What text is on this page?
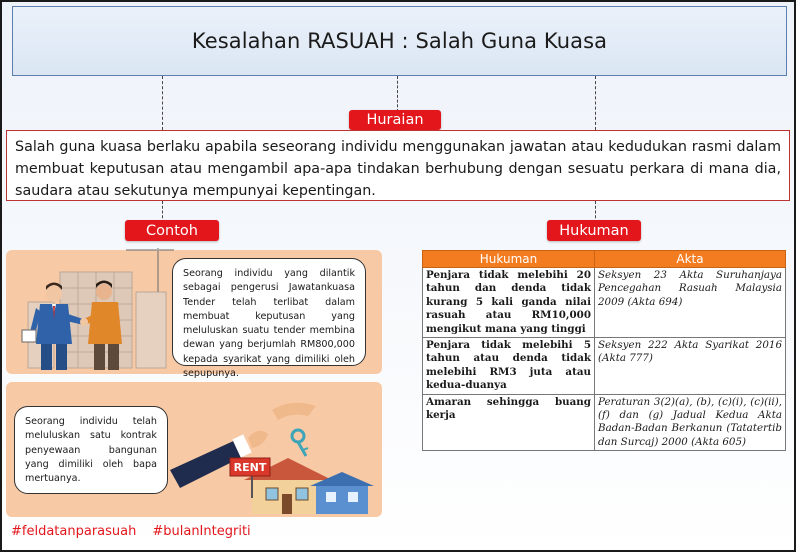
Kesalahan RASUAH : Salah Guna Kuasa
Huraian
Salah guna kuasa berlaku apabila seseorang individu menggunakan jawatan atau kedudukan rasmi dalam membuat keputusan atau mengambil apa-apa tindakan berhubung dengan sesuatu perkara di mana dia, saudara atau sekutunya mempunyai kepentingan.
Contoh	Hukuman
Seorang individu yang dilantik sebagai pengerusi Jawatankuasa Tender telah terlibat dalam membuat keputusan yang meluluskan suatu tender membina dewan yang berjumlah RM800,000 kepada syarikat yang dimiliki oleh sepupunya.
Seorang individu telah meluluskan satu kontrak penyewaan bangunan yang dimiliki oleh bapa mertuanya.
RENT
Hukuman	Akta
Penjara tidak melebihi 20 tahun dan denda tidak kurang 5 kali ganda nilai rasuah atau RM10,000 mengikut mana yang tinggi	Seksyen 23 Akta Suruhanjaya Pencegahan Rasuah Malaysia 2009 (Akta 694)
Penjara tidak melebihi 5 tahun atau denda tidak melebihi RM3 juta atau kedua-duanya	Seksyen 222 Akta Syarikat 2016 (Akta 777)
Amaran sehingga buang kerja	Peraturan 3(2)(a), (b), (c)(i), (c)(ii), (f) dan (g) Jadual Kedua Akta Badan-Badan Berkanun (Tatatertib dan Surcaj) 2000 (Akta 605)
#feldatanparasuah #bulanIntegriti
